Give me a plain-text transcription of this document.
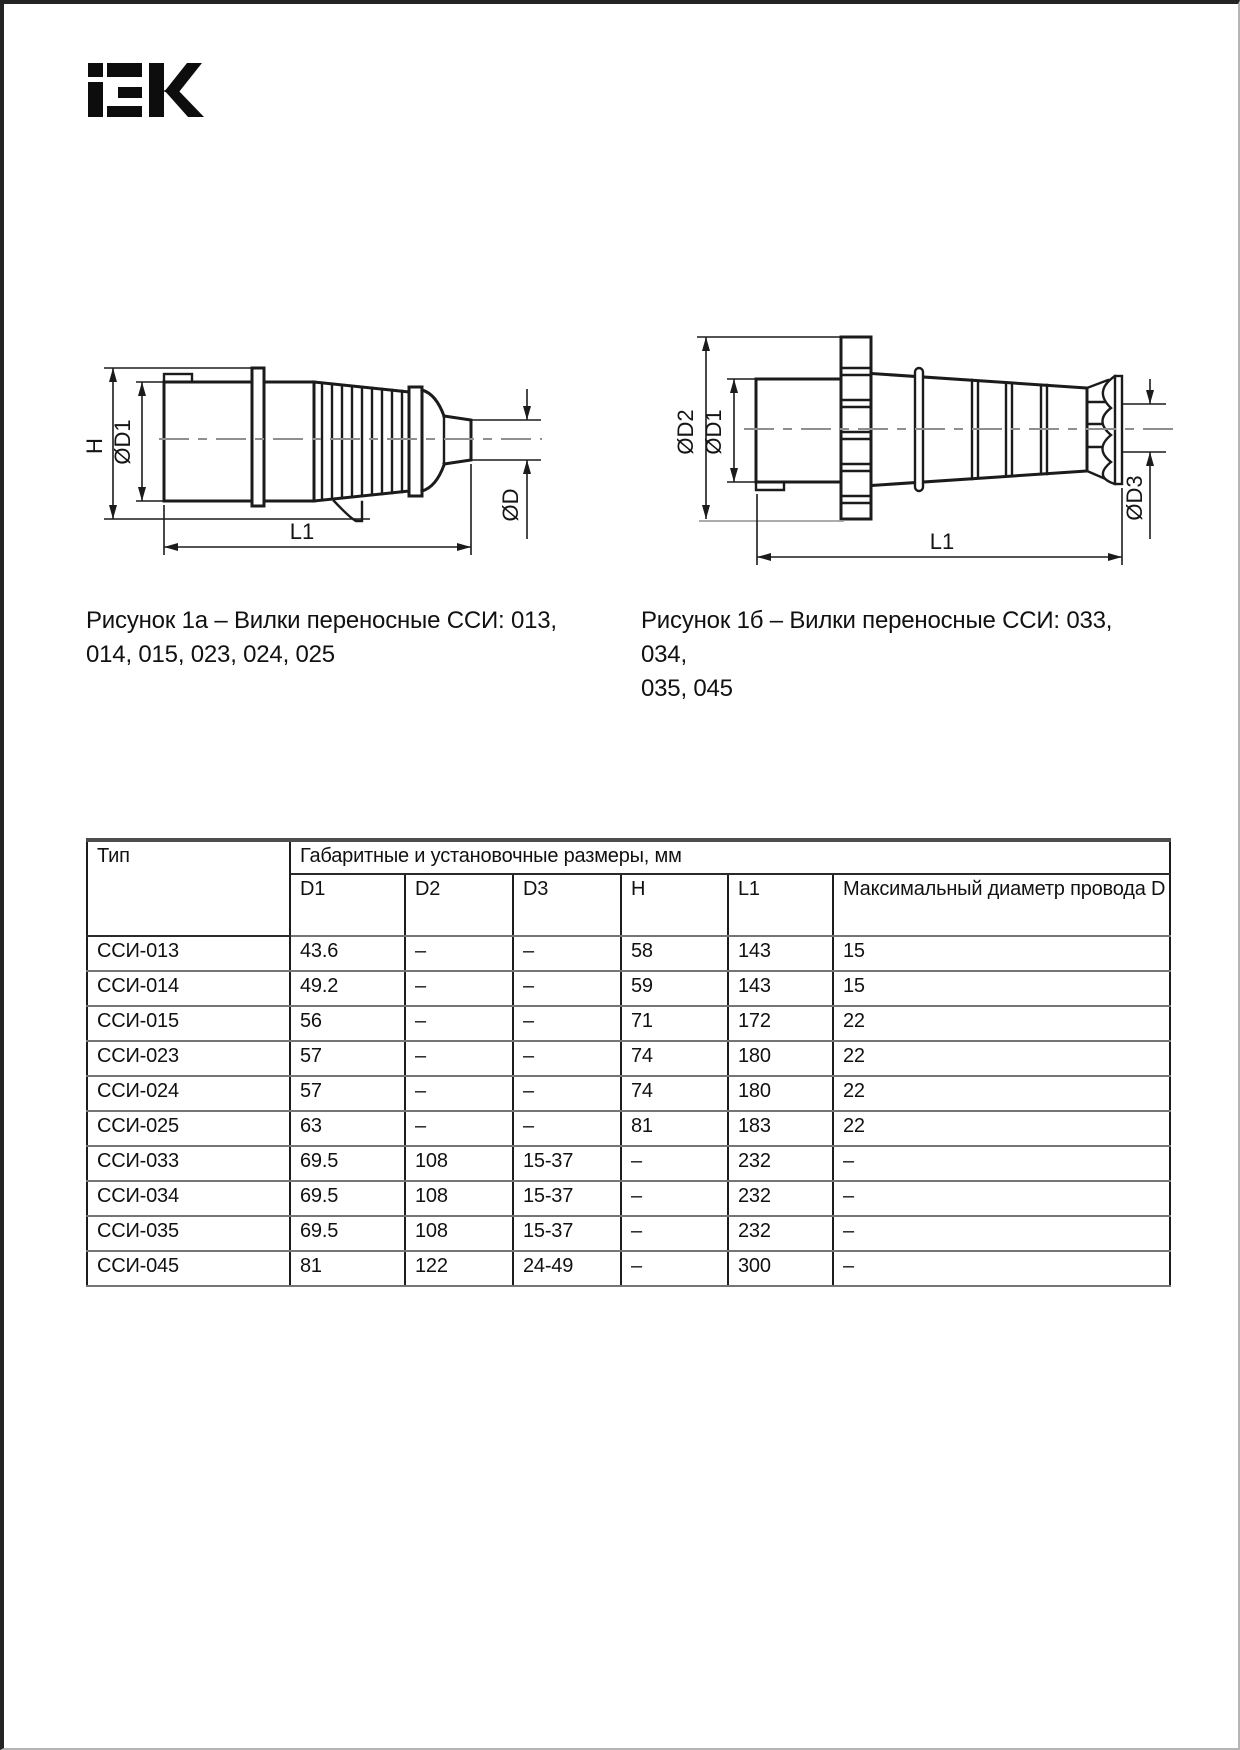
H ØD1
ØD
L1
ØD2 ØD1
ØD3
L1
Рисунок 1а – Вилки переносные ССИ: 013,
014, 015, 023, 024, 025
Рисунок 1б – Вилки переносные ССИ: 033, 034,
035, 045
Тип	Габаритные и установочные размеры, мм					
	D1	D2	D3	H	L1	Максимальный диаметр провода D
ССИ-013	43.6	–	–	58	143	15
ССИ-014	49.2	–	–	59	143	15
ССИ-015	56	–	–	71	172	22
ССИ-023	57	–	–	74	180	22
ССИ-024	57	–	–	74	180	22
ССИ-025	63	–	–	81	183	22
ССИ-033	69.5	108	15-37	–	232	–
ССИ-034	69.5	108	15-37	–	232	–
ССИ-035	69.5	108	15-37	–	232	–
ССИ-045	81	122	24-49	–	300	–
